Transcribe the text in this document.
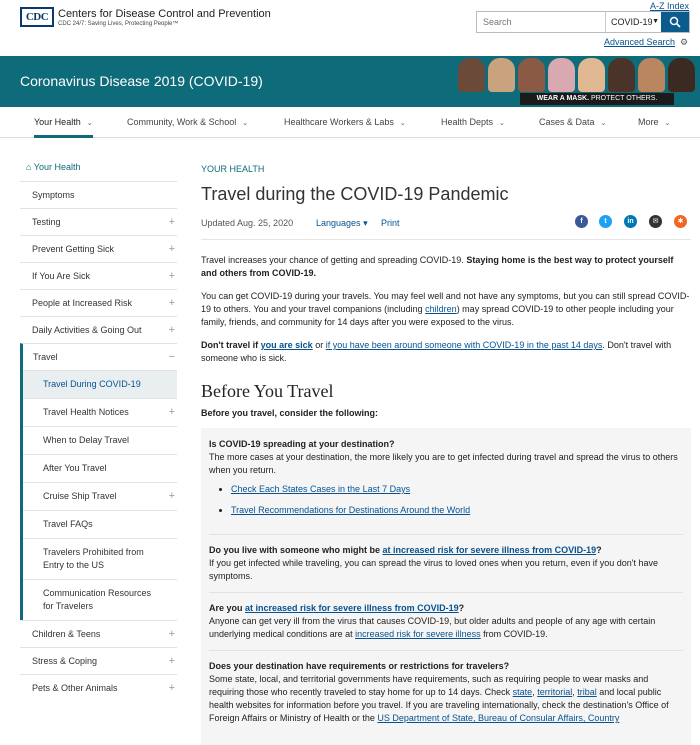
CDC Centers for Disease Control and Prevention
CDC 24/7: Saving Lives, Protecting People™
A-Z Index
Search
COVID-19 ▼
Advanced Search ⚙
Coronavirus Disease 2019 (COVID-19)
WEAR A MASK. PROTECT OTHERS.
Your Health ⌄	Community, Work & School ⌄	Healthcare Workers & Labs ⌄	Health Depts ⌄	Cases & Data ⌄	More ⌄
⌂ Your Health
Symptoms
Testing	+
Prevent Getting Sick	+
If You Are Sick	+
People at Increased Risk	+
Daily Activities & Going Out +
Travel	−
Travel During COVID-19
Travel Health Notices	+
When to Delay Travel
After You Travel
Cruise Ship Travel	+
Travel FAQs
Travelers Prohibited from Entry to the US
Communication Resources for Travelers
Children & Teens	+
Stress & Coping	+
Pets & Other Animals	+
YOUR HEALTH
Travel during the COVID-19 Pandemic
Updated Aug. 25, 2020	Languages ▾ Print	f	t	in	✉	✱

Travel increases your chance of getting and spreading COVID-19. Staying home is the best way to protect yourself and others from COVID-19.

You can get COVID-19 during your travels. You may feel well and not have any symptoms, but you can still spread COVID-19 to others. You and your travel companions (including children) may spread COVID-19 to other people including your family, friends, and community for 14 days after you were exposed to the virus.

Don't travel if you are sick or if you have been around someone with COVID-19 in the past 14 days. Don't travel with someone who is sick.

Before You Travel
Before you travel, consider the following:
Is COVID-19 spreading at your destination?

The more cases at your destination, the more likely you are to get infected during travel and spread the virus to others when you return.

• Check Each States Cases in the Last 7 Days
• Travel Recommendations for Destinations Around the World
Do you live with someone who might be at increased risk for severe illness from COVID-19?

If you get infected while traveling, you can spread the virus to loved ones when you return, even if you don't have symptoms.

Are you at increased risk for severe illness from COVID-19?

Anyone can get very ill from the virus that causes COVID-19, but older adults and people of any age with certain underlying medical conditions are at increased risk for severe illness from COVID-19.

Does your destination have requirements or restrictions for travelers?

Some state, local, and territorial governments have requirements, such as requiring people to wear masks and requiring those who recently traveled to stay home for up to 14 days. Check state, territorial, tribal and local public health websites for information before you travel. If you are traveling internationally, check the destination's Office of Foreign Affairs or Ministry of Health or the US Department of State, Bureau of Consular Affairs, Country
